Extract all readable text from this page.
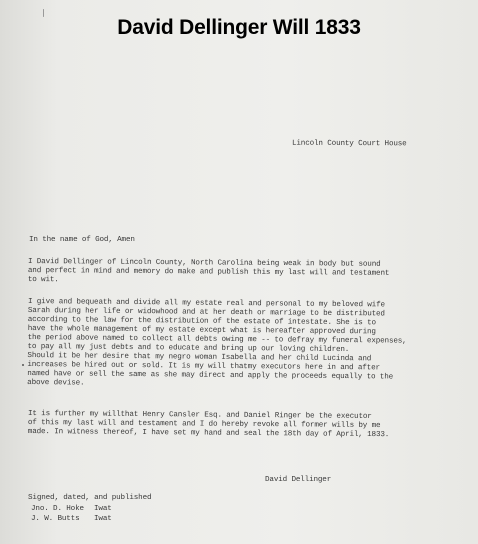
David Dellinger Will 1833
Lincoln County Court House
In the name of God, Amen
I David Dellinger of Lincoln County, North Carolina being weak in body but sound
and perfect in mind and memory do make and publish this my last will and testament
to wit.
I give and bequeath and divide all my estate real and personal to my beloved wife
Sarah during her life or widowhood and at her death or marriage to be distributed
according to the law for the distribution of the estate of intestate. She is to
have the whole management of my estate except what is hereafter approved during
the period above named to collect all debts owing me -- to defray my funeral expenses,
to pay all my just debts and to educate and bring up our loving children.
Should it be her desire that my negro woman Isabella and her child Lucinda and
increases be hired out or sold. It is my will thatmy executors here in and after
named have or sell the same as she may direct and apply the proceeds equally to the
above devise.
It is further my willthat Henry Cansler Esq. and Daniel Ringer be the executor
of this my last will and testament and I do hereby revoke all former wills by me
made. In witness thereof, I have set my hand and seal the 18th day of April, 1833.
David Dellinger
Signed, dated, and published
Jno. D. Hoke Iwat
J. W. Butts Iwat
